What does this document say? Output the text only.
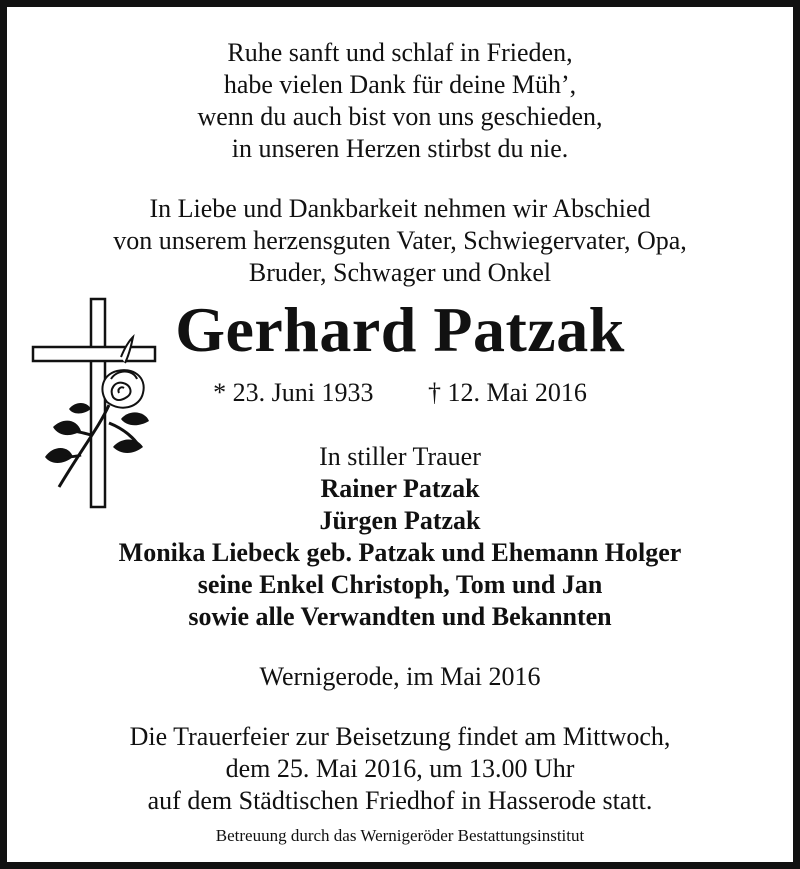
Ruhe sanft und schlaf in Frieden,
habe vielen Dank für deine Müh’,
wenn du auch bist von uns geschieden,
in unseren Herzen stirbst du nie.
In Liebe und Dankbarkeit nehmen wir Abschied
von unserem herzensguten Vater, Schwiegervater, Opa,
Bruder, Schwager und Onkel
Gerhard Patzak
* 23. Juni 1933 † 12. Mai 2016
In stiller Trauer
Rainer Patzak
Jürgen Patzak
Monika Liebeck geb. Patzak und Ehemann Holger
seine Enkel Christoph, Tom und Jan
sowie alle Verwandten und Bekannten
Wernigerode, im Mai 2016
Die Trauerfeier zur Beisetzung findet am Mittwoch,
dem 25. Mai 2016, um 13.00 Uhr
auf dem Städtischen Friedhof in Hasserode statt.
Betreuung durch das Wernigeröder Bestattungsinstitut
